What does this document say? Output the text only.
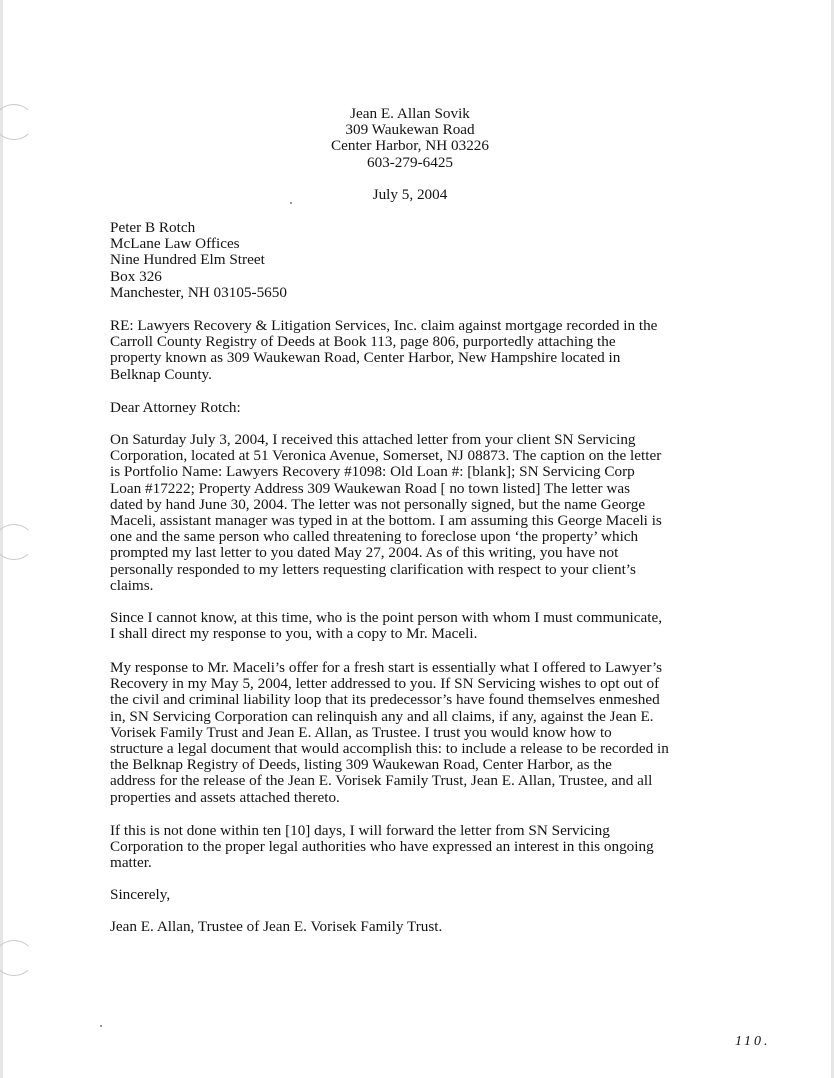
Jean E. Allan Sovik
309 Waukewan Road
Center Harbor, NH 03226
603-279-6425
July 5, 2004
Peter B Rotch
McLane Law Offices
Nine Hundred Elm Street
Box 326
Manchester, NH 03105-5650
RE: Lawyers Recovery & Litigation Services, Inc. claim against mortgage recorded in the
Carroll County Registry of Deeds at Book 113, page 806, purportedly attaching the
property known as 309 Waukewan Road, Center Harbor, New Hampshire located in
Belknap County.
Dear Attorney Rotch:
On Saturday July 3, 2004, I received this attached letter from your client SN Servicing
Corporation, located at 51 Veronica Avenue, Somerset, NJ 08873. The caption on the letter
is Portfolio Name: Lawyers Recovery #1098: Old Loan #: [blank]; SN Servicing Corp
Loan #17222; Property Address 309 Waukewan Road [ no town listed] The letter was
dated by hand June 30, 2004. The letter was not personally signed, but the name George
Maceli, assistant manager was typed in at the bottom. I am assuming this George Maceli is
one and the same person who called threatening to foreclose upon ‘the property’ which
prompted my last letter to you dated May 27, 2004. As of this writing, you have not
personally responded to my letters requesting clarification with respect to your client’s
claims.
Since I cannot know, at this time, who is the point person with whom I must communicate,
I shall direct my response to you, with a copy to Mr. Maceli.
My response to Mr. Maceli’s offer for a fresh start is essentially what I offered to Lawyer’s
Recovery in my May 5, 2004, letter addressed to you. If SN Servicing wishes to opt out of
the civil and criminal liability loop that its predecessor’s have found themselves enmeshed
in, SN Servicing Corporation can relinquish any and all claims, if any, against the Jean E.
Vorisek Family Trust and Jean E. Allan, as Trustee. I trust you would know how to
structure a legal document that would accomplish this: to include a release to be recorded in
the Belknap Registry of Deeds, listing 309 Waukewan Road, Center Harbor, as the
address for the release of the Jean E. Vorisek Family Trust, Jean E. Allan, Trustee, and all
properties and assets attached thereto.
If this is not done within ten [10] days, I will forward the letter from SN Servicing
Corporation to the proper legal authorities who have expressed an interest in this ongoing
matter.
Sincerely,
Jean E. Allan, Trustee of Jean E. Vorisek Family Trust.
110.
